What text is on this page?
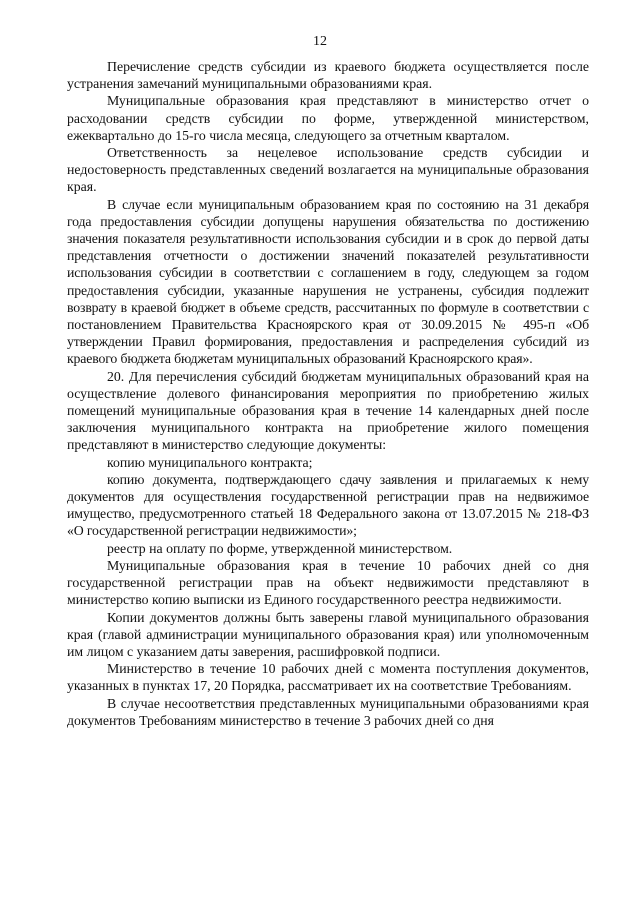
12

Перечисление средств субсидии из краевого бюджета осуществляется после устранения замечаний муниципальными образованиями края.

Муниципальные образования края представляют в министерство отчет о расходовании средств субсидии по форме, утвержденной министерством, ежеквартально до 15-го числа месяца, следующего за отчетным кварталом.

Ответственность за нецелевое использование средств субсидии и недостоверность представленных сведений возлагается на муниципальные образования края.

В случае если муниципальным образованием края по состоянию на 31 декабря года предоставления субсидии допущены нарушения обязательства по достижению значения показателя результативности использования субсидии и в срок до первой даты представления отчетности о достижении значений показателей результативности использования субсидии в соответствии с соглашением в году, следующем за годом предоставления субсидии, указанные нарушения не устранены, субсидия подлежит возврату в краевой бюджет в объеме средств, рассчитанных по формуле в соответствии с постановлением Правительства Красноярского края от 30.09.2015 № 495-п «Об утверждении Правил формирования, предоставления и распределения субсидий из краевого бюджета бюджетам муниципальных образований Красноярского края».

20. Для перечисления субсидий бюджетам муниципальных образований края на осуществление долевого финансирования мероприятия по приобретению жилых помещений муниципальные образования края в течение 14 календарных дней после заключения муниципального контракта на приобретение жилого помещения представляют в министерство следующие документы:

копию муниципального контракта;

копию документа, подтверждающего сдачу заявления и прилагаемых к нему документов для осуществления государственной регистрации прав на недвижимое имущество, предусмотренного статьей 18 Федерального закона от 13.07.2015 № 218-ФЗ «О государственной регистрации недвижимости»;

реестр на оплату по форме, утвержденной министерством.

Муниципальные образования края в течение 10 рабочих дней со дня государственной регистрации прав на объект недвижимости представляют в министерство копию выписки из Единого государственного реестра недвижимости.

Копии документов должны быть заверены главой муниципального образования края (главой администрации муниципального образования края) или уполномоченным им лицом с указанием даты заверения, расшифровкой подписи.

Министерство в течение 10 рабочих дней с момента поступления документов, указанных в пунктах 17, 20 Порядка, рассматривает их на соответствие Требованиям.

В случае несоответствия представленных муниципальными образованиями края документов Требованиям министерство в течение 3 рабочих дней со дня
